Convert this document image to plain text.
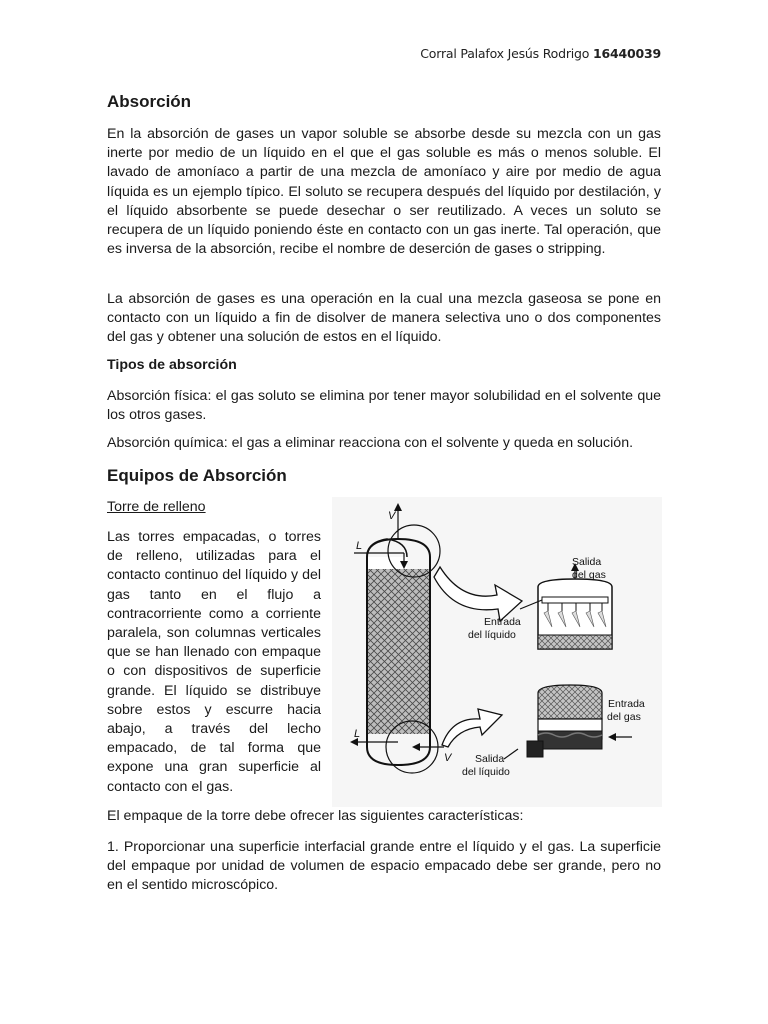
Corral Palafox Jesús Rodrigo 16440039
Absorción

En la absorción de gases un vapor soluble se absorbe desde su mezcla con un gas inerte por medio de un líquido en el que el gas soluble es más o menos soluble. El lavado de amoníaco a partir de una mezcla de amoníaco y aire por medio de agua líquida es un ejemplo típico. El soluto se recupera después del líquido por destilación, y el líquido absorbente se puede desechar o ser reutilizado. A veces un soluto se recupera de un líquido poniendo éste en contacto con un gas inerte. Tal operación, que es inversa de la absorción, recibe el nombre de deserción de gases o stripping.

La absorción de gases es una operación en la cual una mezcla gaseosa se pone en contacto con un líquido a fin de disolver de manera selectiva uno o dos componentes del gas y obtener una solución de estos en el líquido.

Tipos de absorción

Absorción física: el gas soluto se elimina por tener mayor solubilidad en el solvente que los otros gases.

Absorción química: el gas a eliminar reacciona con el solvente y queda en solución.

Equipos de Absorción

Torre de relleno

Las torres empacadas, o torres de relleno, utilizadas para el contacto continuo del líquido y del gas tanto en el flujo a contracorriente como a corriente paralela, son columnas verticales que se han llenado con empaque o con dispositivos de superficie grande. El líquido se distribuye sobre estos y escurre hacia abajo, a través del lecho empacado, de tal forma que expone una gran superficie al contacto con el gas.

V
L
L
V
Salida
del gas
Entrada
del líquido
Entrada
del gas
Salida
del líquido

El empaque de la torre debe ofrecer las siguientes características:

1. Proporcionar una superficie interfacial grande entre el líquido y el gas. La superficie del empaque por unidad de volumen de espacio empacado debe ser grande, pero no en el sentido microscópico.
